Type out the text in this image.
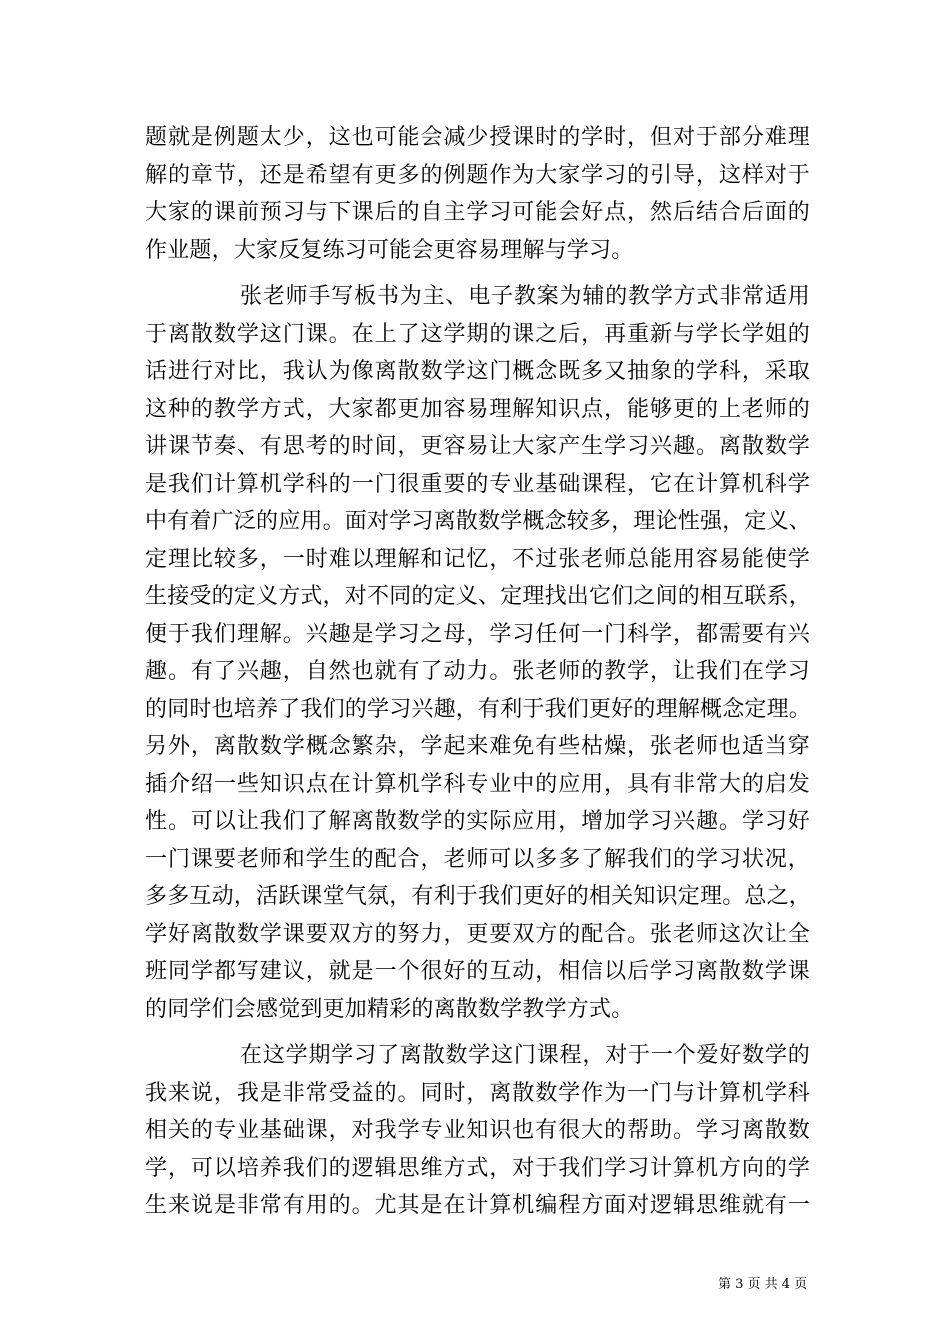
题就是例题太少，这也可能会减少授课时的学时，但对于部分难理
解的章节，还是希望有更多的例题作为大家学习的引导，这样对于
大家的课前预习与下课后的自主学习可能会好点，然后结合后面的
作业题，大家反复练习可能会更容易理解与学习。
张老师手写板书为主、电子教案为辅的教学方式非常适用
于离散数学这门课。在上了这学期的课之后，再重新与学长学姐的
话进行对比，我认为像离散数学这门概念既多又抽象的学科，采取
这种的教学方式，大家都更加容易理解知识点，能够更的上老师的
讲课节奏、有思考的时间，更容易让大家产生学习兴趣。离散数学
是我们计算机学科的一门很重要的专业基础课程，它在计算机科学
中有着广泛的应用。面对学习离散数学概念较多，理论性强，定义、
定理比较多，一时难以理解和记忆，不过张老师总能用容易能使学
生接受的定义方式，对不同的定义、定理找出它们之间的相互联系，
便于我们理解。兴趣是学习之母，学习任何一门科学，都需要有兴
趣。有了兴趣，自然也就有了动力。张老师的教学，让我们在学习
的同时也培养了我们的学习兴趣，有利于我们更好的理解概念定理。
另外，离散数学概念繁杂，学起来难免有些枯燥，张老师也适当穿
插介绍一些知识点在计算机学科专业中的应用，具有非常大的启发
性。可以让我们了解离散数学的实际应用，增加学习兴趣。学习好
一门课要老师和学生的配合，老师可以多多了解我们的学习状况，
多多互动，活跃课堂气氛，有利于我们更好的相关知识定理。总之，
学好离散数学课要双方的努力，更要双方的配合。张老师这次让全
班同学都写建议，就是一个很好的互动，相信以后学习离散数学课
的同学们会感觉到更加精彩的离散数学教学方式。
在这学期学习了离散数学这门课程，对于一个爱好数学的
我来说，我是非常受益的。同时，离散数学作为一门与计算机学科
相关的专业基础课，对我学专业知识也有很大的帮助。学习离散数
学，可以培养我们的逻辑思维方式，对于我们学习计算机方向的学
生来说是非常有用的。尤其是在计算机编程方面对逻辑思维就有一
第 3 页 共 4 页
